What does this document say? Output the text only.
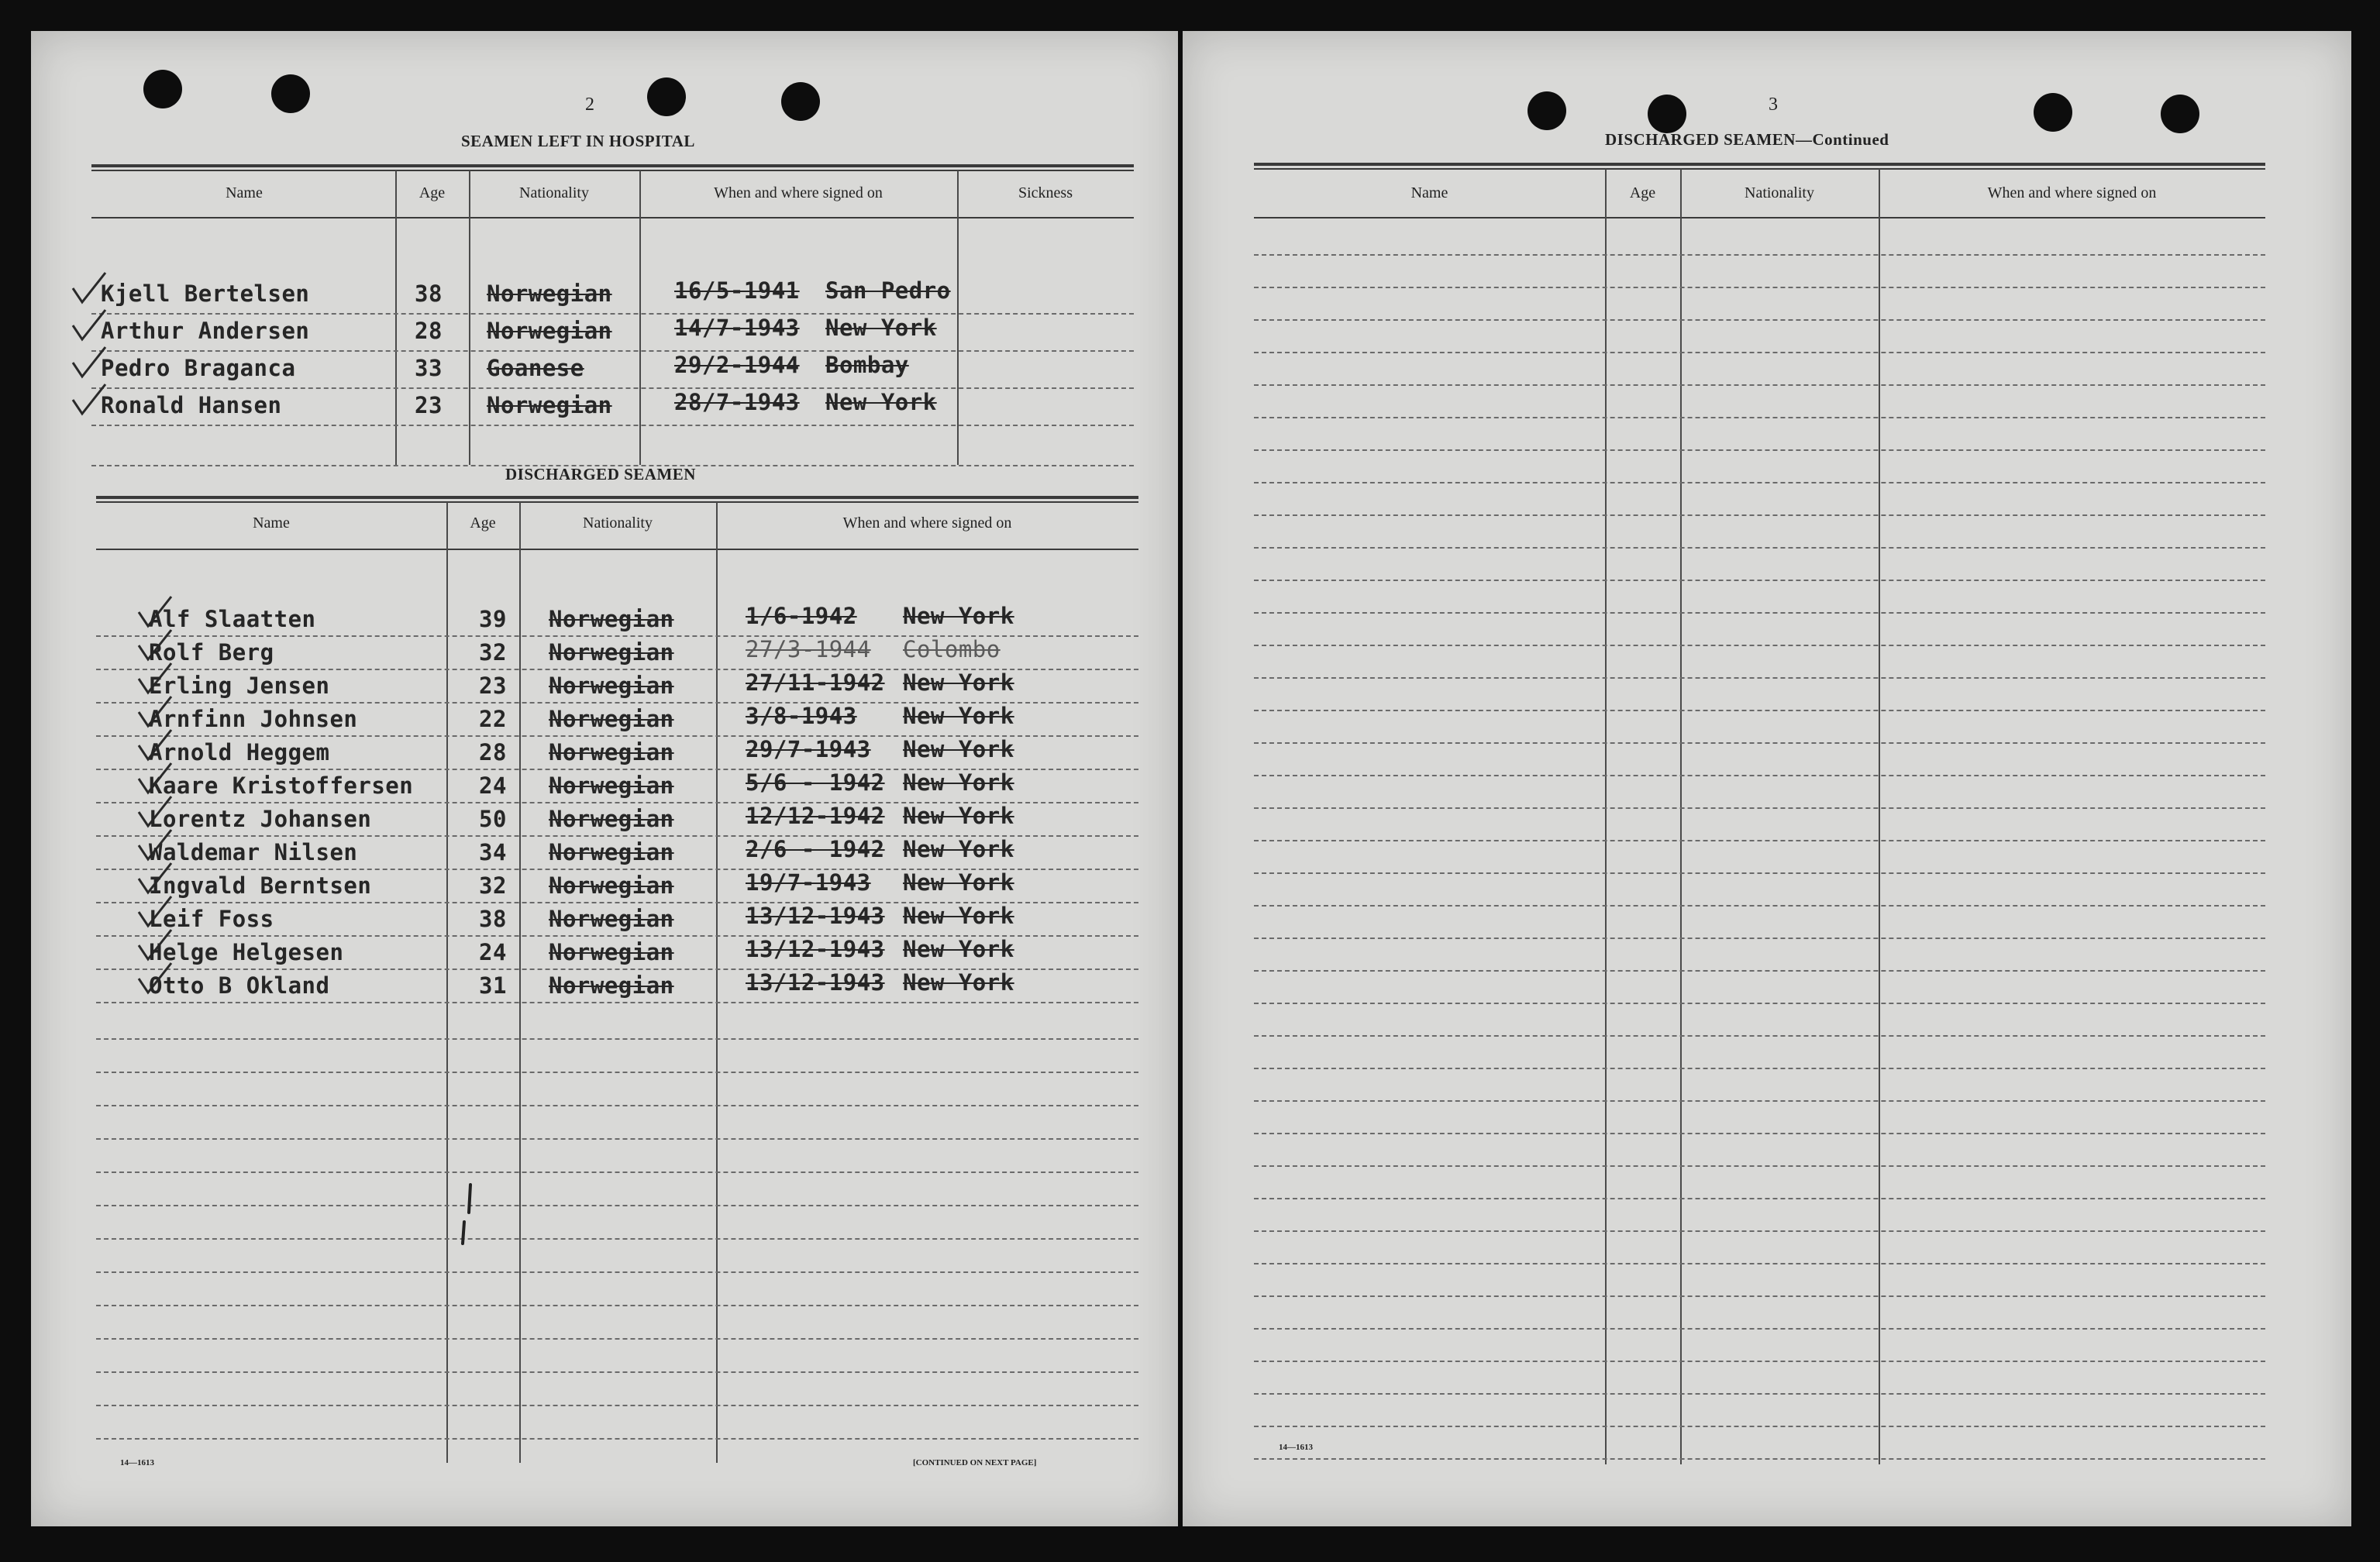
2
SEAMEN LEFT IN HOSPITAL
Name	Age	Nationality	When and where signed on	Sickness
Kjell Bertelsen	38 Norwegian	16/5-1941 San Pedro
Arthur Andersen	28 Norwegian	14/7-1943 New York
Pedro Braganca	33 Goanese	29/2-1944 Bombay
Ronald Hansen	23 Norwegian	28/7-1943 New York
DISCHARGED SEAMEN
Name	Age	Nationality	When and where signed on
Alf Slaatten	39 Norwegian	1/6-1942 New York
Rolf Berg	32 Norwegian	27/3-1944 Colombo
Erling Jensen	23 Norwegian	27/11-1942 New York
Arnfinn Johnsen	22 Norwegian	3/8-1943 New York
Arnold Heggem	28 Norwegian	29/7-1943 New York
Kaare Kristoffersen	24 Norwegian	5/6 - 1942 New York
Lorentz Johansen	50 Norwegian	12/12-1942 New York
Waldemar Nilsen	34 Norwegian	2/6 - 1942 New York
Ingvald Berntsen	32 Norwegian	19/7-1943 New York
Leif Foss	38 Norwegian	13/12-1943 New York
Helge Helgesen	24 Norwegian	13/12-1943 New York
Otto B Okland	31 Norwegian	13/12-1943 New York
14—1613	[CONTINUED ON NEXT PAGE]
3
DISCHARGED SEAMEN—Continued
Name	Age	Nationality	When and where signed on
14—1613
